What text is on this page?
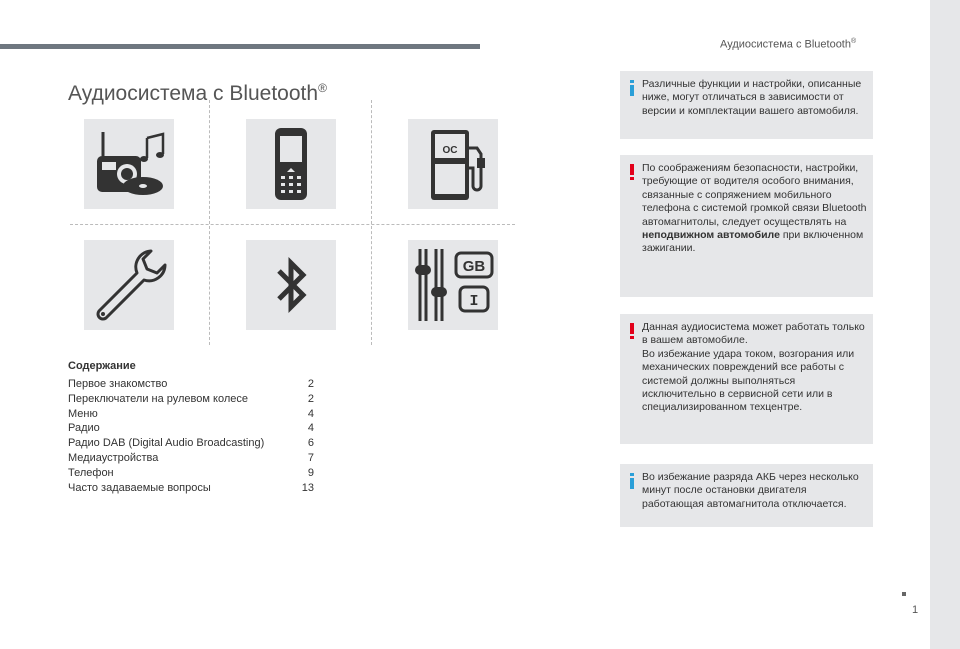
Аудиосистема с Bluetooth®
1
Аудиосистема с Bluetooth®
OC
GB
I
Содержание
Первое знакомство	2
Переключатели на рулевом колесе	2
Меню	4
Радио	4
Радио DAB (Digital Audio Broadcasting)	6
Медиаустройства	7
Телефон	9
Часто задаваемые вопросы	13
Различные функции и настройки, описанные ниже, могут отличаться в зависимости от версии и комплектации вашего автомобиля.
По соображениям безопасности, настройки, требующие от водителя особого внимания, связанные с сопряжением мобильного телефона с системой громкой связи Bluetooth автомагнитолы, следует осуществлять на неподвижном автомобиле при включенном зажигании.
Данная аудиосистема может работать только в вашем автомобиле.
Во избежание удара током, возгорания или механических повреждений все работы с системой должны выполняться исключительно в сервисной сети или в специализированном техцентре.
Во избежание разряда АКБ через несколько минут после остановки двигателя работающая автомагнитола отключается.
